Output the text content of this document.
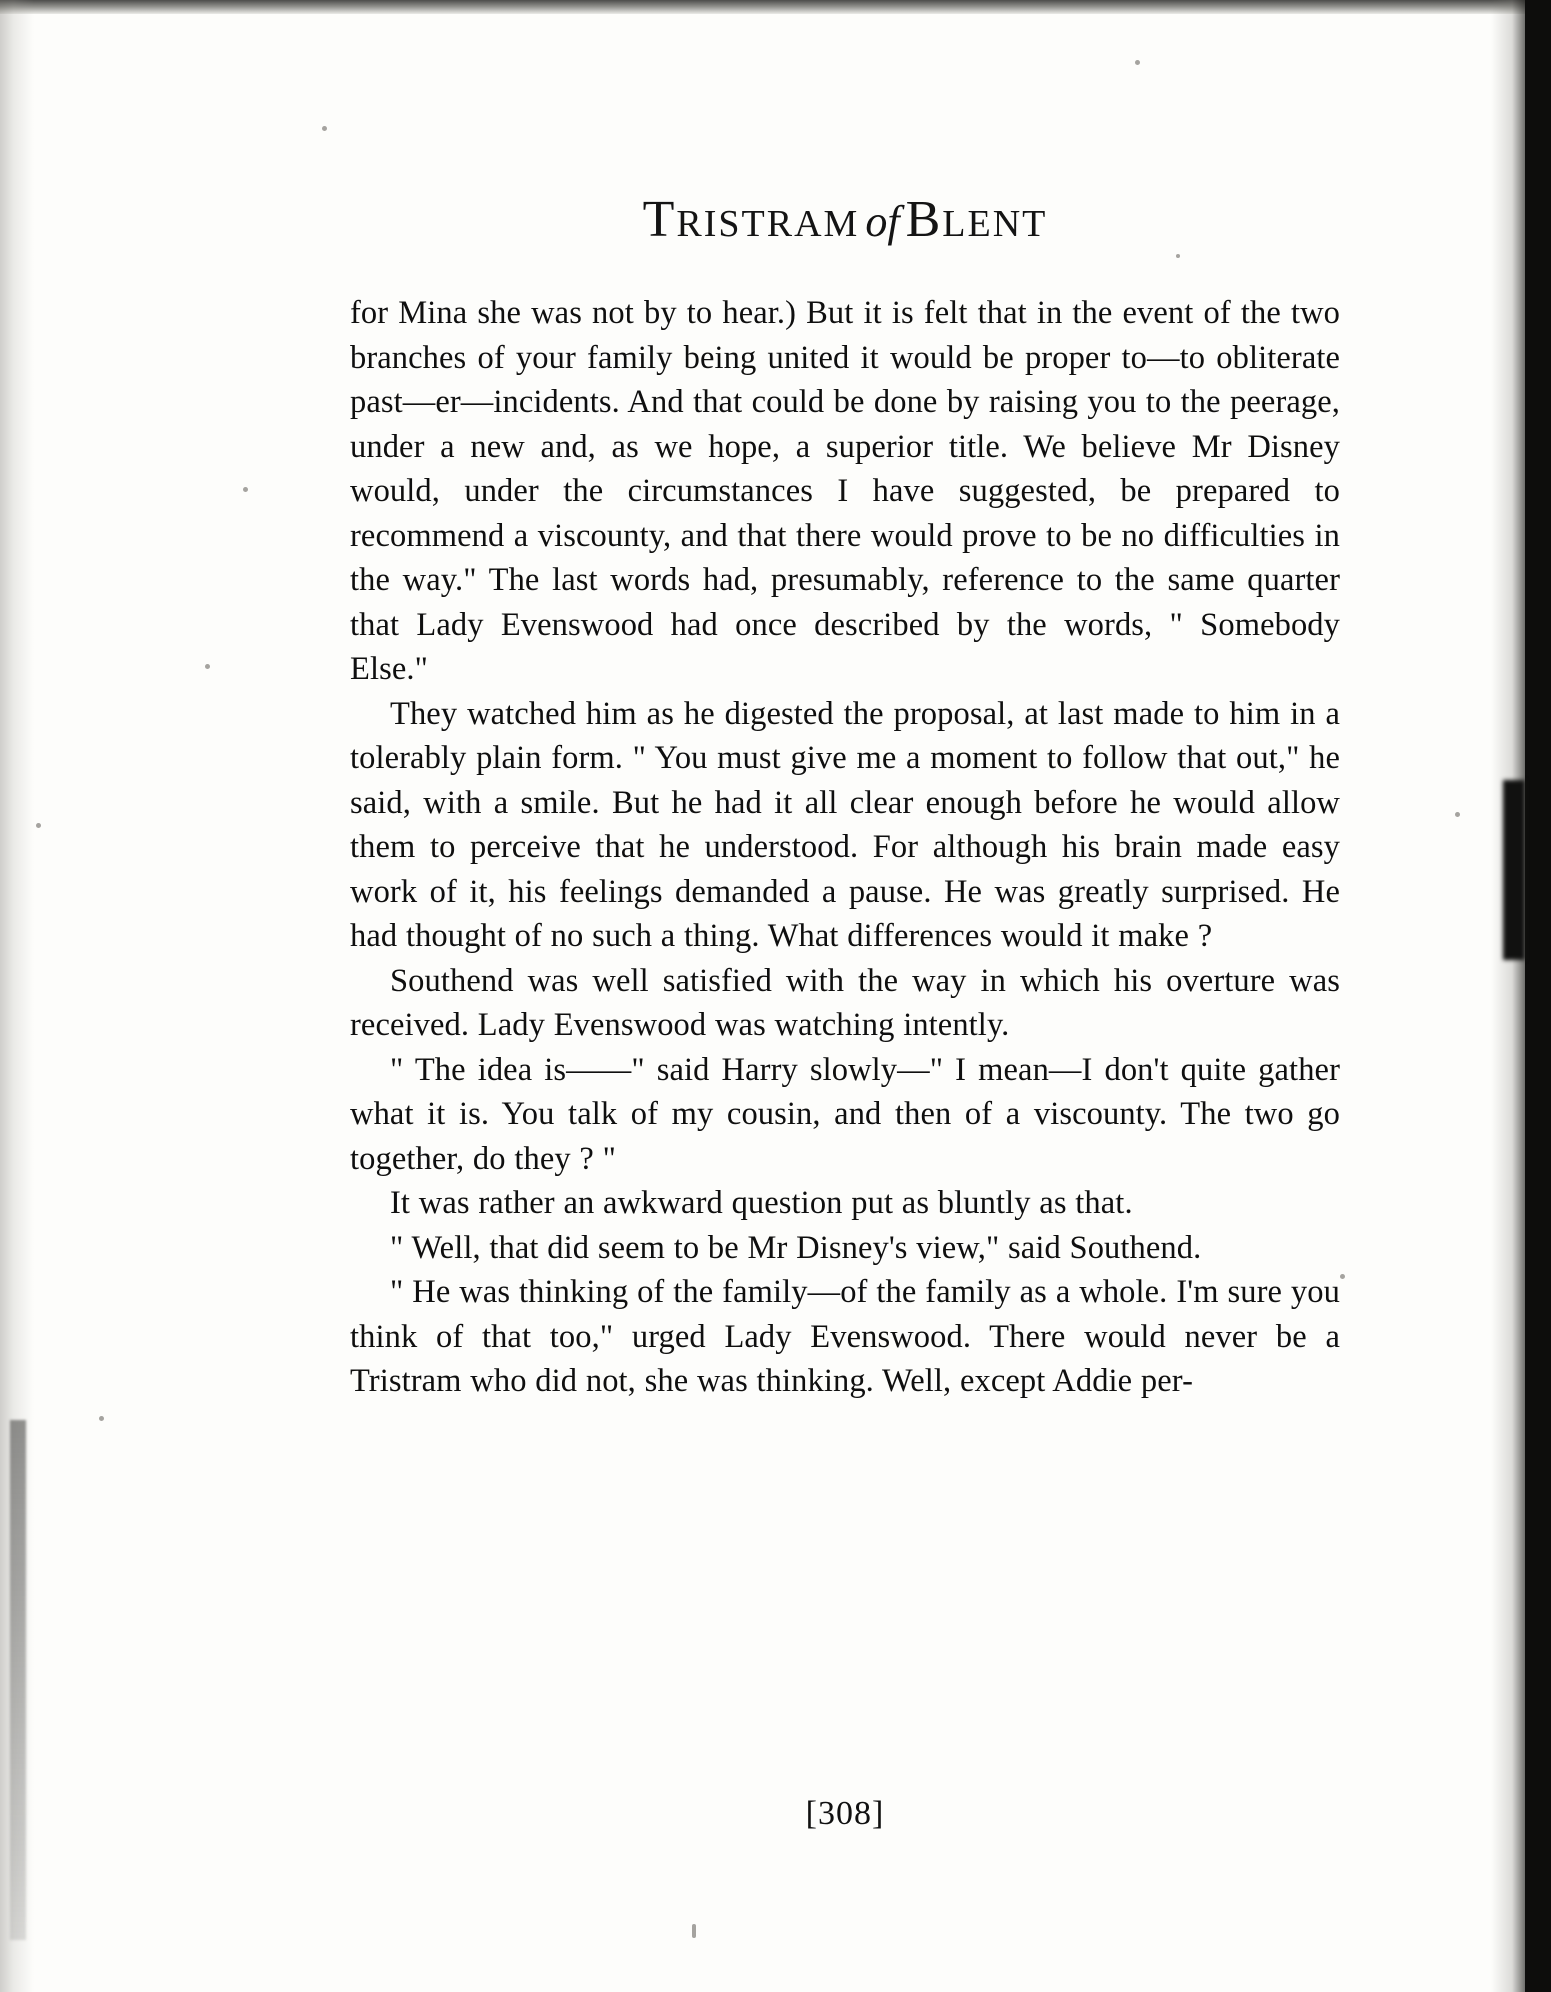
TRISTRAM of BLENT

for Mina she was not by to hear.) But it is felt that in the event of the two branches of your family being united it would be proper to—to obliterate past—er—incidents. And that could be done by raising you to the peerage, under a new and, as we hope, a superior title. We believe Mr Disney would, under the circumstances I have suggested, be prepared to recommend a viscounty, and that there would prove to be no difficulties in the way." The last words had, presumably, reference to the same quarter that Lady Evenswood had once described by the words, " Somebody Else."

They watched him as he digested the proposal, at last made to him in a tolerably plain form. " You must give me a moment to follow that out," he said, with a smile. But he had it all clear enough before he would allow them to perceive that he understood. For although his brain made easy work of it, his feelings demanded a pause. He was greatly surprised. He had thought of no such a thing. What differences would it make ?

Southend was well satisfied with the way in which his overture was received. Lady Evenswood was watching intently.

" The idea is——" said Harry slowly—" I mean—I don't quite gather what it is. You talk of my cousin, and then of a viscounty. The two go together, do they ? "

It was rather an awkward question put as bluntly as that.

" Well, that did seem to be Mr Disney's view," said Southend.

" He was thinking of the family—of the family as a whole. I'm sure you think of that too," urged Lady Evenswood. There would never be a Tristram who did not, she was thinking. Well, except Addie per-

[308]
